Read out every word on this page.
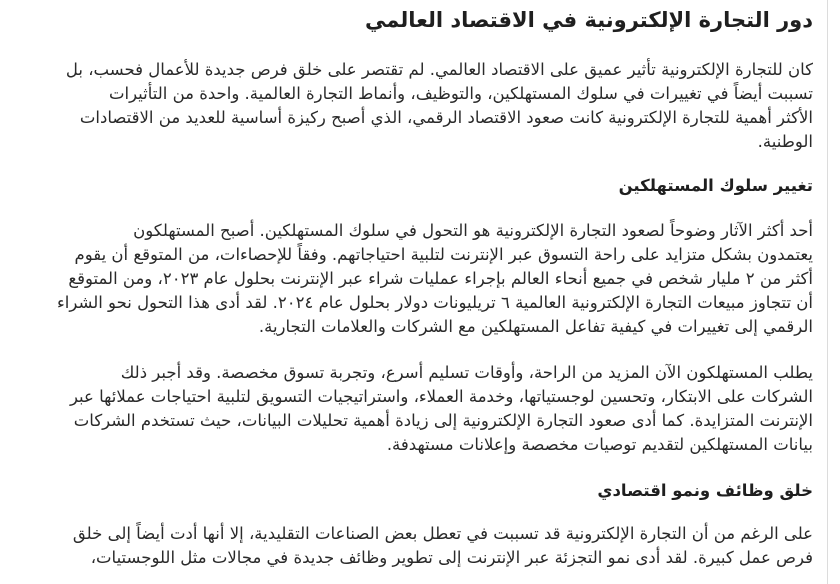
دور التجارة الإلكترونية في الاقتصاد العالمي

كان للتجارة الإلكترونية تأثير عميق على الاقتصاد العالمي. لم تقتصر على خلق فرص جديدة للأعمال فحسب، بل
تسببت أيضاً في تغييرات في سلوك المستهلكين، والتوظيف، وأنماط التجارة العالمية. واحدة من التأثيرات
الأكثر أهمية للتجارة الإلكترونية كانت صعود الاقتصاد الرقمي، الذي أصبح ركيزة أساسية للعديد من الاقتصادات
الوطنية.

تغيير سلوك المستهلكين

أحد أكثر الآثار وضوحاً لصعود التجارة الإلكترونية هو التحول في سلوك المستهلكين. أصبح المستهلكون
يعتمدون بشكل متزايد على راحة التسوق عبر الإنترنت لتلبية احتياجاتهم. وفقاً للإحصاءات، من المتوقع أن يقوم
أكثر من ٢ مليار شخص في جميع أنحاء العالم بإجراء عمليات شراء عبر الإنترنت بحلول عام ٢٠٢٣، ومن المتوقع
أن تتجاوز مبيعات التجارة الإلكترونية العالمية ٦ تريليونات دولار بحلول عام ٢٠٢٤. لقد أدى هذا التحول نحو الشراء
الرقمي إلى تغييرات في كيفية تفاعل المستهلكين مع الشركات والعلامات التجارية.

يطلب المستهلكون الآن المزيد من الراحة، وأوقات تسليم أسرع، وتجربة تسوق مخصصة. وقد أجبر ذلك
الشركات على الابتكار، وتحسين لوجستياتها، وخدمة العملاء، واستراتيجيات التسويق لتلبية احتياجات عملائها عبر
الإنترنت المتزايدة. كما أدى صعود التجارة الإلكترونية إلى زيادة أهمية تحليلات البيانات، حيث تستخدم الشركات
بيانات المستهلكين لتقديم توصيات مخصصة وإعلانات مستهدفة.

خلق وظائف ونمو اقتصادي

على الرغم من أن التجارة الإلكترونية قد تسببت في تعطل بعض الصناعات التقليدية، إلا أنها أدت أيضاً إلى خلق
فرص عمل كبيرة. لقد أدى نمو التجزئة عبر الإنترنت إلى تطوير وظائف جديدة في مجالات مثل اللوجستيات،
